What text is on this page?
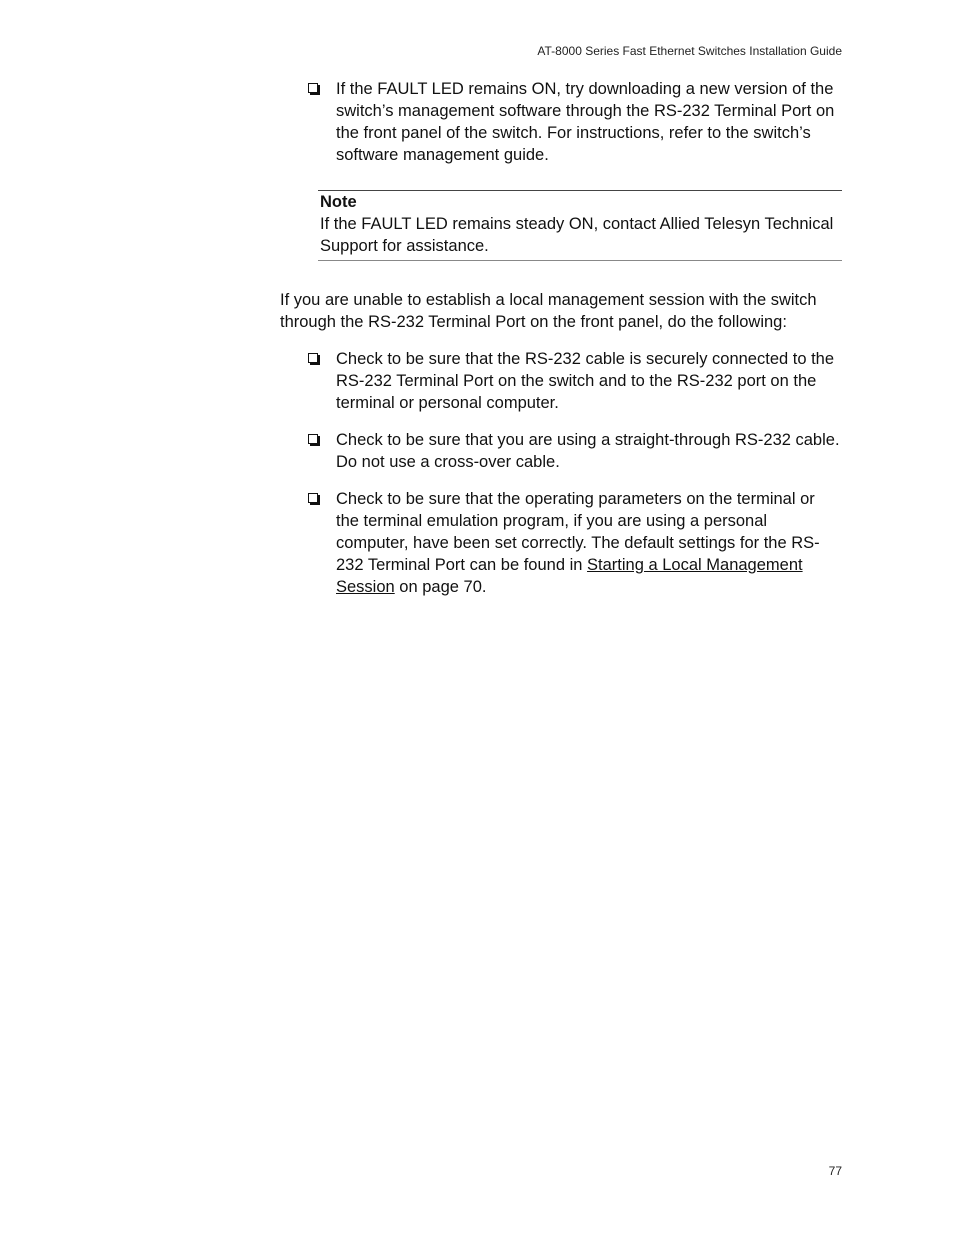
AT-8000 Series Fast Ethernet Switches Installation Guide

If the FAULT LED remains ON, try downloading a new version of the switch’s management software through the RS-232 Terminal Port on the front panel of the switch. For instructions, refer to the switch’s software management guide.

Note
If the FAULT LED remains steady ON, contact Allied Telesyn Technical Support for assistance.

If you are unable to establish a local management session with the switch through the RS-232 Terminal Port on the front panel, do the following:

Check to be sure that the RS-232 cable is securely connected to the RS-232 Terminal Port on the switch and to the RS-232 port on the terminal or personal computer.

Check to be sure that you are using a straight-through RS-232 cable. Do not use a cross-over cable.

Check to be sure that the operating parameters on the terminal or the terminal emulation program, if you are using a personal computer, have been set correctly. The default settings for the RS-232 Terminal Port can be found in Starting a Local Management Session on page 70.

77
